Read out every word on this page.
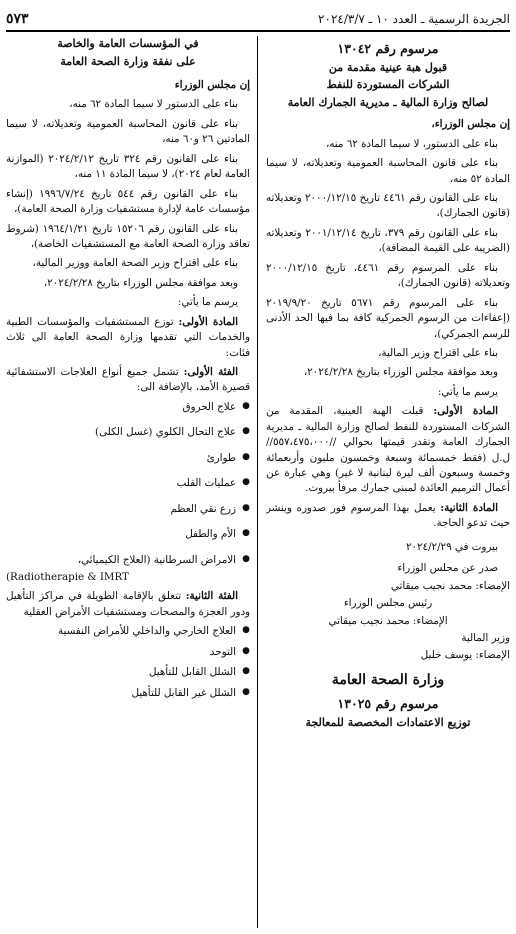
الجريدة الرسمية ـ العدد ١٠ ـ ٢٠٢٤/٣/٧
٥٧٣
مرسوم رقم ١٣٠٤٢
قبول هبة عينية مقدمة من
الشركات المستوردة للنفط
لصالح وزارة المالية ـ مديرية الجمارك العامة
إن مجلس الوزراء،

بناء على الدستور، لا سيما المادة ٦٢ منه،

بناء على قانون المحاسبة العمومية وتعديلاته، لا سيما المادة ٥٢ منه،

بناء على القانون رقم ٤٤٦١ تاريخ ٢٠٠٠/١٢/١٥ وتعديلاته (قانون الجمارك)،

بناء على القانون رقم ٣٧٩، تاريخ ٢٠٠١/١٢/١٤ وتعديلاته (الضريبة على القيمة المضافة)،

بناء على المرسوم رقم ٤٤٦١، تاريخ ٢٠٠٠/١٢/١٥ وتعديلاته (قانون الجمارك)،

بناء على المرسوم رقم ٥٦٧١ تاريخ ٢٠١٩/٩/٢٠ (إعفاءات من الرسوم الجمركية كافة بما فيها الحد الأدنى للرسم الجمركي)،

بناء على اقتراح وزير المالية،

وبعد موافقة مجلس الوزراء بتاريخ ٢٠٢٤/٢/٢٨،

يرسم ما يأتي:

المادة الأولى: قبلت الهبة العينية، المقدمة من الشركات المستوردة للنفط لصالح وزارة المالية ـ مديرية الجمارك العامة وتقدر قيمتها بحوالي //٥٥٧،٤٧٥،٠٠٠// ل.ل (فقط خمسمائة وسبعة وخمسون مليون وأربعمائة وخمسة وسبعون ألف ليرة لبنانية لا غير) وهي عبارة عن أعمال الترميم العائدة لمبنى جمارك مرفأ بيروت.

المادة الثانية: يعمل بهذا المرسوم فور صدوره وينشر حيث تدعو الحاجة.

بيروت في ٢٠٢٤/٢/٢٩

صدر عن مجلس الوزراء

الإمضاء: محمد نجيب ميقاتي

رئيس مجلس الوزراء

الإمضاء: محمد نجيب ميقاتي

وزير المالية

الإمضاء: يوسف خليل

وزارة الصحة العامة
مرسوم رقم ١٣٠٢٥
توزيع الاعتمادات المخصصة للمعالجة
في المؤسسات العامة والخاصة
على نفقة وزارة الصحة العامة
إن مجلس الوزراء

بناء على الدستور لا سيما المادة ٦٢ منه،

بناء على قانون المحاسبة العمومية وتعديلاته، لا سيما المادتين ٢٦ و٦٠ منه،

بناء على القانون رقم ٣٢٤ تاريخ ٢٠٢٤/٢/١٢ (الموازنة العامة لعام ٢٠٢٤)، لا سيما المادة ١١ منه،

بناء على القانون رقم ٥٤٤ تاريخ ١٩٩٦/٧/٢٤ (إنشاء مؤسسات عامة لإدارة مستشفيات وزارة الصحة العامة)،

بناء على القانون رقم ١٥٢٠٦ تاريخ ١٩٦٤/١/٢١ (شروط تعاقد وزارة الصحة العامة مع المستشفيات الخاصة)،

بناء على اقتراح وزير الصحة العامة ووزير المالية،

وبعد موافقة مجلس الوزراء بتاريخ ٢٠٢٤/٢/٢٨،

يرسم ما يأتي:

المادة الأولى: توزع المستشفيات والمؤسسات الطبية والخدمات التي تقدمها وزارة الصحة العامة الى ثلاث فئات:

الفئة الأولى: تشمل جميع أنواع العلاجات الاستشفائية قصيرة الأمد، بالإضافة الى:

● علاج الحروق
● علاج التحال الكلوي (غسل الكلى)
● طوارئ
● عمليات القلب
● زرع نقي العظم
● الأم والطفل
● الامراض السرطانية (العلاج الكيميائي،

(Radiotherapie & IMRT

الفئة الثانية: تتعلق بالإقامة الطويلة في مراكز التأهيل ودور العجزة والمصحات ومستشفيات الأمراض العقلية

● العلاج الخارجي والداخلي للأمراض النفسية
● التوحد
● الشلل القابل للتأهيل
● الشلل غير القابل للتأهيل
